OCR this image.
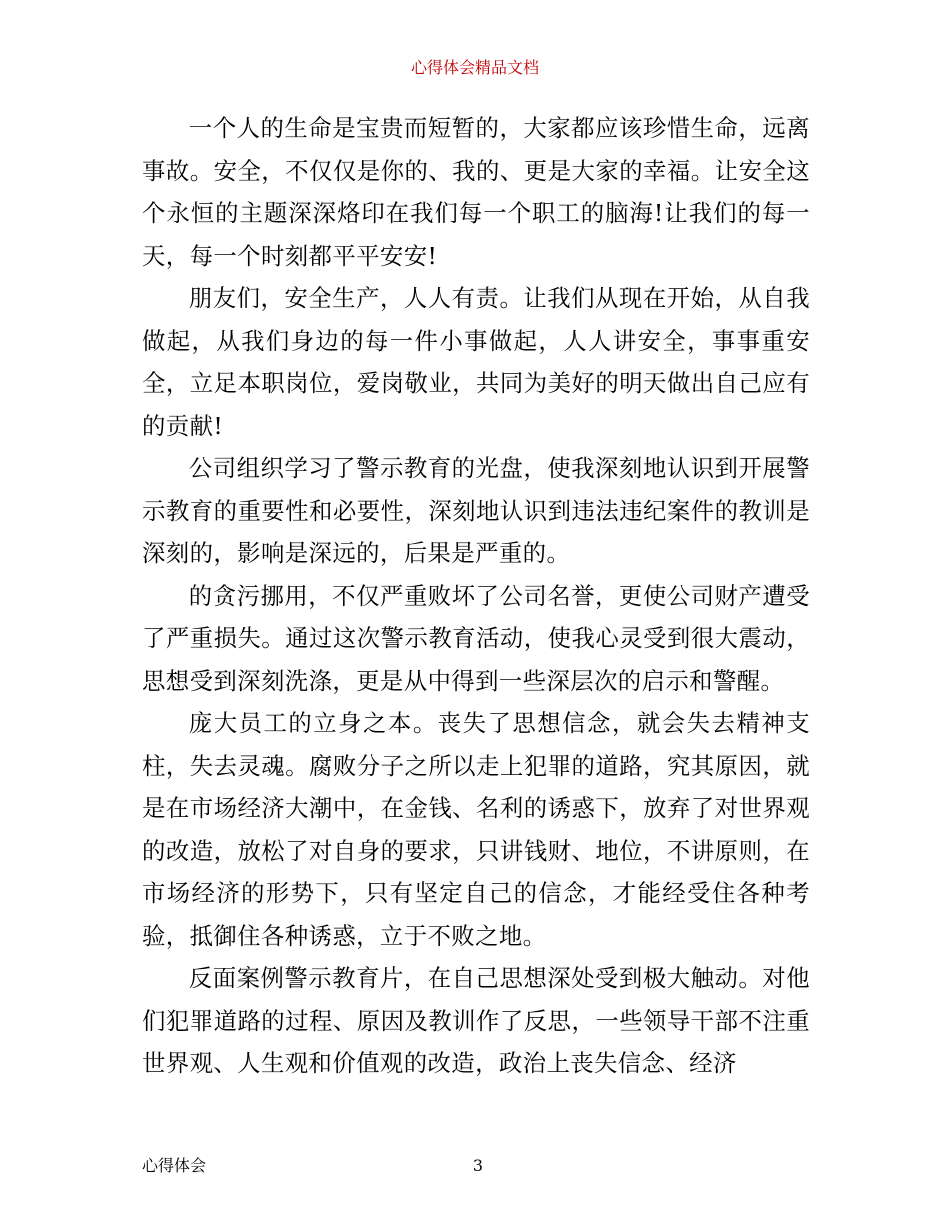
心得体会精品文档

一个人的生命是宝贵而短暂的，大家都应该珍惜生命，远离事故。安全，不仅仅是你的、我的、更是大家的幸福。让安全这个永恒的主题深深烙印在我们每一个职工的脑海!让我们的每一天，每一个时刻都平平安安!

朋友们，安全生产，人人有责。让我们从现在开始，从自我做起，从我们身边的每一件小事做起，人人讲安全，事事重安全，立足本职岗位，爱岗敬业，共同为美好的明天做出自己应有的贡献!

公司组织学习了警示教育的光盘，使我深刻地认识到开展警示教育的重要性和必要性，深刻地认识到违法违纪案件的教训是深刻的，影响是深远的，后果是严重的。

的贪污挪用，不仅严重败坏了公司名誉，更使公司财产遭受了严重损失。通过这次警示教育活动，使我心灵受到很大震动，思想受到深刻洗涤，更是从中得到一些深层次的启示和警醒。

庞大员工的立身之本。丧失了思想信念，就会失去精神支柱，失去灵魂。腐败分子之所以走上犯罪的道路，究其原因，就是在市场经济大潮中，在金钱、名利的诱惑下，放弃了对世界观的改造，放松了对自身的要求，只讲钱财、地位，不讲原则，在市场经济的形势下，只有坚定自己的信念，才能经受住各种考验，抵御住各种诱惑，立于不败之地。

反面案例警示教育片，在自己思想深处受到极大触动。对他们犯罪道路的过程、原因及教训作了反思，一些领导干部不注重世界观、人生观和价值观的改造，政治上丧失信念、经济

心得体会	3
